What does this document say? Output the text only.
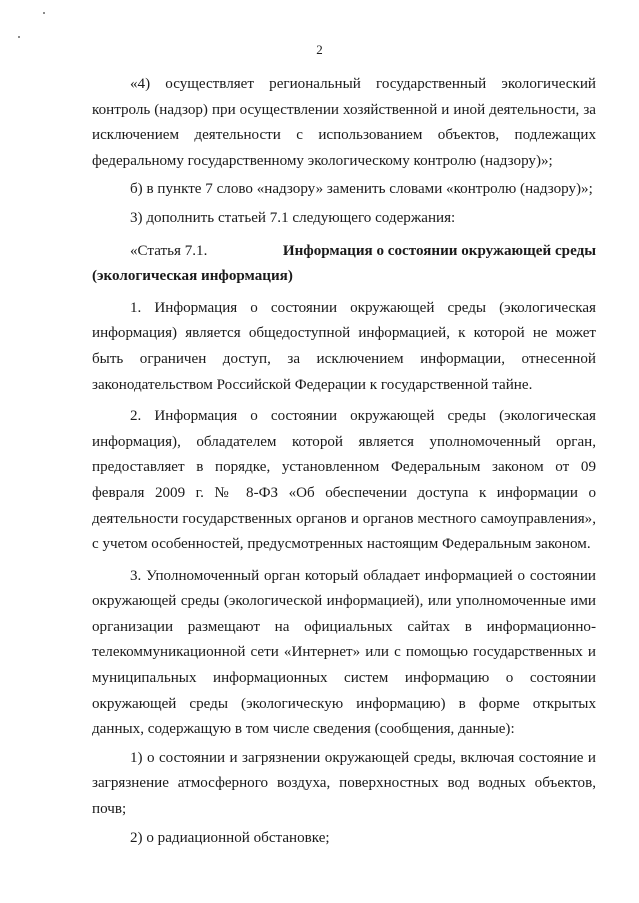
2

«4) осуществляет региональный государственный экологический контроль (надзор) при осуществлении хозяйственной и иной деятельности, за исключением деятельности с использованием объектов, подлежащих федеральному государственному экологическому контролю (надзору)»;

б) в пункте 7 слово «надзору» заменить словами «контролю (надзору)»;

3) дополнить статьей 7.1 следующего содержания:

«Статья 7.1.	Информация о состоянии окружающей среды
(экологическая информация)

1. Информация о состоянии окружающей среды (экологическая информация) является общедоступной информацией, к которой не может быть ограничен доступ, за исключением информации, отнесенной законодательством Российской Федерации к государственной тайне.

2. Информация о состоянии окружающей среды (экологическая информация), обладателем которой является уполномоченный орган, предоставляет в порядке, установленном Федеральным законом от 09 февраля 2009 г. № 8-ФЗ «Об обеспечении доступа к информации о деятельности государственных органов и органов местного самоуправления», с учетом особенностей, предусмотренных настоящим Федеральным законом.

3. Уполномоченный орган который обладает информацией о состоянии окружающей среды (экологической информацией), или уполномоченные ими организации размещают на официальных сайтах в информационно-телекоммуникационной сети «Интернет» или с помощью государственных и муниципальных информационных систем информацию о состоянии окружающей среды (экологическую информацию) в форме открытых данных, содержащую в том числе сведения (сообщения, данные):

1) о состоянии и загрязнении окружающей среды, включая состояние и загрязнение атмосферного воздуха, поверхностных вод водных объектов, почв;

2) о радиационной обстановке;
